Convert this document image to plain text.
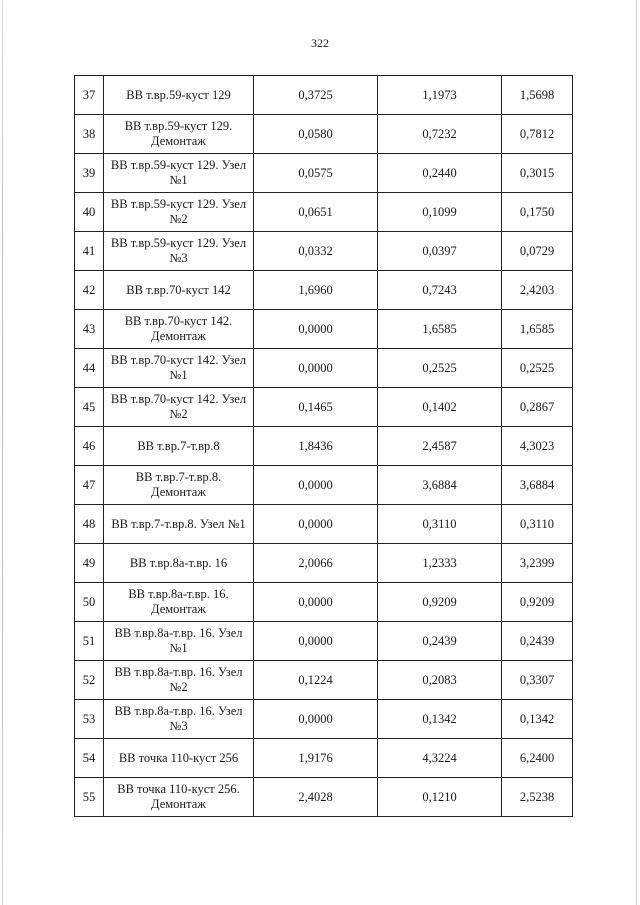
322
37	ВВ т.вр.59-куст 129	0,3725	1,1973	1,5698
38	ВВ т.вр.59-куст 129. Демонтаж	0,0580	0,7232	0,7812
39	ВВ т.вр.59-куст 129. Узел №1	0,0575	0,2440	0,3015
40	ВВ т.вр.59-куст 129. Узел №2	0,0651	0,1099	0,1750
41	ВВ т.вр.59-куст 129. Узел №3	0,0332	0,0397	0,0729
42	ВВ т.вр.70-куст 142	1,6960	0,7243	2,4203
43	ВВ т.вр.70-куст 142. Демонтаж	0,0000	1,6585	1,6585
44	ВВ т.вр.70-куст 142. Узел №1	0,0000	0,2525	0,2525
45	ВВ т.вр.70-куст 142. Узел №2	0,1465	0,1402	0,2867
46	ВВ т.вр.7-т.вр.8	1,8436	2,4587	4,3023
47	ВВ т.вр.7-т.вр.8. Демонтаж	0,0000	3,6884	3,6884
48	ВВ т.вр.7-т.вр.8. Узел №1	0,0000	0,3110	0,3110
49	ВВ т.вр.8а-т.вр. 16	2,0066	1,2333	3,2399
50	ВВ т.вр.8а-т.вр. 16. Демонтаж	0,0000	0,9209	0,9209
51	ВВ т.вр.8а-т.вр. 16. Узел №1	0,0000	0,2439	0,2439
52	ВВ т.вр.8а-т.вр. 16. Узел №2	0,1224	0,2083	0,3307
53	ВВ т.вр.8а-т.вр. 16. Узел №3	0,0000	0,1342	0,1342
54	ВВ точка 110-куст 256	1,9176	4,3224	6,2400
55	ВВ точка 110-куст 256. Демонтаж	2,4028	0,1210	2,5238
